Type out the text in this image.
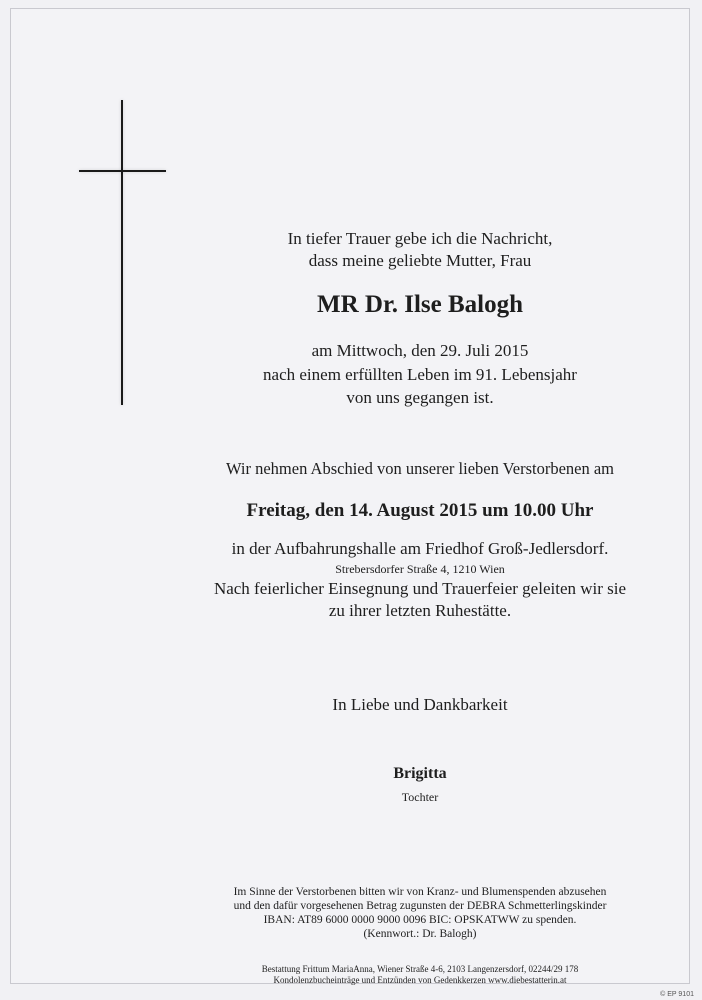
In tiefer Trauer gebe ich die Nachricht,
dass meine geliebte Mutter, Frau
MR Dr. Ilse Balogh
am Mittwoch, den 29. Juli 2015
nach einem erfüllten Leben im 91. Lebensjahr
von uns gegangen ist.
Wir nehmen Abschied von unserer lieben Verstorbenen am
Freitag, den 14. August 2015 um 10.00 Uhr
in der Aufbahrungshalle am Friedhof Groß-Jedlersdorf.
Strebersdorfer Straße 4, 1210 Wien
Nach feierlicher Einsegnung und Trauerfeier geleiten wir sie
zu ihrer letzten Ruhestätte.
In Liebe und Dankbarkeit
Brigitta
Tochter
Im Sinne der Verstorbenen bitten wir von Kranz- und Blumenspenden abzusehen
und den dafür vorgesehenen Betrag zugunsten der DEBRA Schmetterlingskinder
IBAN: AT89 6000 0000 9000 0096 BIC: OPSKATWW zu spenden.
(Kennwort.: Dr. Balogh)
Bestattung Frittum MariaAnna, Wiener Straße 4-6, 2103 Langenzersdorf, 02244/29 178
Kondolenzbucheinträge und Entzünden von Gedenkkerzen www.diebestatterin.at
© EP 9101
